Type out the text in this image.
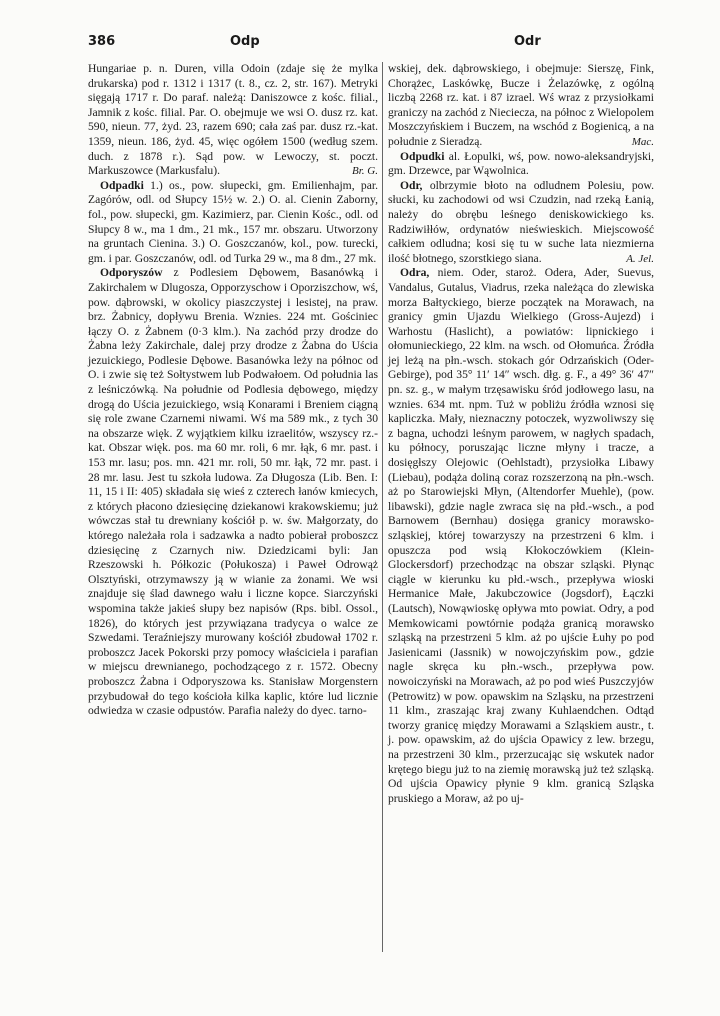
386	Odp	Odr

Hungariae p. n. Duren, villa Odoin (zdaje się że mylka drukarska) pod r. 1312 i 1317 (t. 8., cz. 2, str. 167). Metryki sięgają 1717 r. Do paraf. należą: Daniszowce z kośc. filial., Jamnik z kośc. filial. Par. O. obejmuje we wsi O. dusz rz. kat. 590, nieun. 77, żyd. 23, razem 690; cała zaś par. dusz rz.-kat. 1359, nieun. 186, żyd. 45, więc ogółem 1500 (według szem. duch. z 1878 r.). Sąd pow. w Lewoczy, st. poczt. Markuszowce (Markusfalu).	Br. G.

Odpadki 1.) os., pow. słupecki, gm. Emilienhajm, par. Zagórów, odl. od Słupcy 15½ w. 2.) O. al. Cienin Zaborny, fol., pow. słupecki, gm. Kazimierz, par. Cienin Kośc., odl. od Słupcy 8 w., ma 1 dm., 21 mk., 157 mr. obszaru. Utworzony na gruntach Cienina. 3.) O. Goszczanów, kol., pow. turecki, gm. i par. Goszczanów, odl. od Turka 29 w., ma 8 dm., 27 mk.

Odporyszów z Podlesiem Dębowem, Basanówką i Zakirchalem w Dlugosza, Opporzyschow i Oporziszchow, wś, pow. dąbrowski, w okolicy piaszczystej i lesistej, na praw. brz. Żabnicy, dopływu Brenia. Wznies. 224 mt. Gościniec łączy O. z Żabnem (0·3 klm.). Na zachód przy drodze do Żabna leży Zakirchale, dalej przy drodze z Żabna do Uścia jezuickiego, Podlesie Dębowe. Basanówka leży na północ od O. i zwie się też Sołtystwem lub Podwałoem. Od południa las z leśniczówką. Na południe od Podlesia dębowego, między drogą do Uścia jezuickiego, wsią Konarami i Breniem ciągną się role zwane Czarnemi niwami. Wś ma 589 mk., z tych 30 na obszarze więk. Z wyjątkiem kilku izraelitów, wszyscy rz.-kat. Obszar więk. pos. ma 60 mr. roli, 6 mr. łąk, 6 mr. past. i 153 mr. lasu; pos. mn. 421 mr. roli, 50 mr. łąk, 72 mr. past. i 28 mr. lasu. Jest tu szkoła ludowa. Za Długosza (Lib. Ben. I: 11, 15 i II: 405) składała się wieś z czterech łanów kmiecych, z których płacono dziesięcinę dziekanowi krakowskiemu; już wówczas stał tu drewniany kościół p. w. św. Małgorzaty, do którego należała rola i sadzawka a nadto pobierał proboszcz dziesięcinę z Czarnych niw. Dziedzicami byli: Jan Rzeszowski h. Półkozic (Połukosza) i Paweł Odrowąż Olsztyński, otrzymawszy ją w wianie za żonami. We wsi znajduje się ślad dawnego wału i liczne kopce. Siarczyński wspomina także jakieś słupy bez napisów (Rps. bibl. Ossol., 1826), do których jest przywiązana tradycya o walce ze Szwedami. Teraźniejszy murowany kościół zbudował 1702 r. proboszcz Jacek Pokorski przy pomocy właściciela i parafian w miejscu drewnianego, pochodzącego z r. 1572. Obecny proboszcz Żabna i Odporyszowa ks. Stanisław Morgenstern przybudował do tego kościoła kilka kaplic, które lud licznie odwiedza w czasie odpustów. Parafia należy do dyec. tarno-

wskiej, dek. dąbrowskiego, i obejmuje: Sierszę, Fink, Chorążec, Laskówkę, Bucze i Żelazówkę, z ogólną liczbą 2268 rz. kat. i 87 izrael. Wś wraz z przysiołkami graniczy na zachód z Nieciecza, na północ z Wielopolem Moszczyńskiem i Buczem, na wschód z Bogienicą, a na południe z Sieradzą.	Mac.

Odpudki al. Łopulki, wś, pow. nowo-aleksandryjski, gm. Drzewce, par Wąwolnica.

Odr, olbrzymie błoto na odludnem Polesiu, pow. słucki, ku zachodowi od wsi Czudzin, nad rzeką Łanią, należy do obrębu leśnego deniskowickiego ks. Radziwiłłów, ordynatów nieświeskich. Miejscowość całkiem odludna; kosi się tu w suche lata niezmierna ilość błotnego, szorstkiego siana.	A. Jel.

Odra, niem. Oder, staroż. Odera, Ader, Suevus, Vandalus, Gutalus, Viadrus, rzeka należąca do zlewiska morza Bałtyckiego, bierze początek na Morawach, na granicy gmin Ujazdu Wielkiego (Gross-Aujezd) i Warhostu (Haslicht), a powiatów: lipnickiego i ołomunieckiego, 22 klm. na wsch. od Ołomuńca. Źródła jej leżą na płn.-wsch. stokach gór Odrzańskich (Oder-Gebirge), pod 35° 11′ 14″ wsch. dłg. g. F., a 49° 36′ 47″ pn. sz. g., w małym trzęsawisku śród jodłowego lasu, na wznies. 634 mt. npm. Tuż w pobliżu źródła wznosi się kapliczka. Mały, nieznaczny potoczek, wyzwoliwszy się z bagna, uchodzi leśnym parowem, w nagłych spadach, ku północy, poruszając liczne młyny i tracze, a dosięgłszy Olejowic (Oehlstadt), przysiołka Libawy (Liebau), podąża doliną coraz rozszerzoną na płn.-wsch. aż po Starowiejski Młyn, (Altendorfer Muehle), (pow. libawski), gdzie nagle zwraca się na płd.-wsch., a pod Barnowem (Bernhau) dosięga granicy morawsko-szląskiej, której towarzyszy na przestrzeni 6 klm. i opuszcza pod wsią Kłokoczówkiem (Klein-Glockersdorf) przechodząc na obszar szląski. Płynąc ciągle w kierunku ku płd.-wsch., przepływa wioski Hermanice Małe, Jakubczowice (Jogsdorf), Łączki (Lautsch), Nowąwioskę opływa mto powiat. Odry, a pod Memkowicami powtórnie podąża granicą morawsko szląską na przestrzeni 5 klm. aż po ujście Łuhy po pod Jasienicami (Jassnik) w nowojczyńskim pow., gdzie nagle skręca ku płn.-wsch., przepływa pow. nowoiczyński na Morawach, aż po pod wieś Puszczyjów (Petrowitz) w pow. opawskim na Szląsku, na przestrzeni 11 klm., zraszając kraj zwany Kuhlaendchen. Odtąd tworzy granicę między Morawami a Szląskiem austr., t. j. pow. opawskim, aż do ujścia Opawicy z lew. brzegu, na przestrzeni 30 klm., przerzucając się wskutek nador krętego biegu już to na ziemię morawską już też szląską. Od ujścia Opawicy płynie 9 klm. granicą Szląska pruskiego a Moraw, aż po uj-
